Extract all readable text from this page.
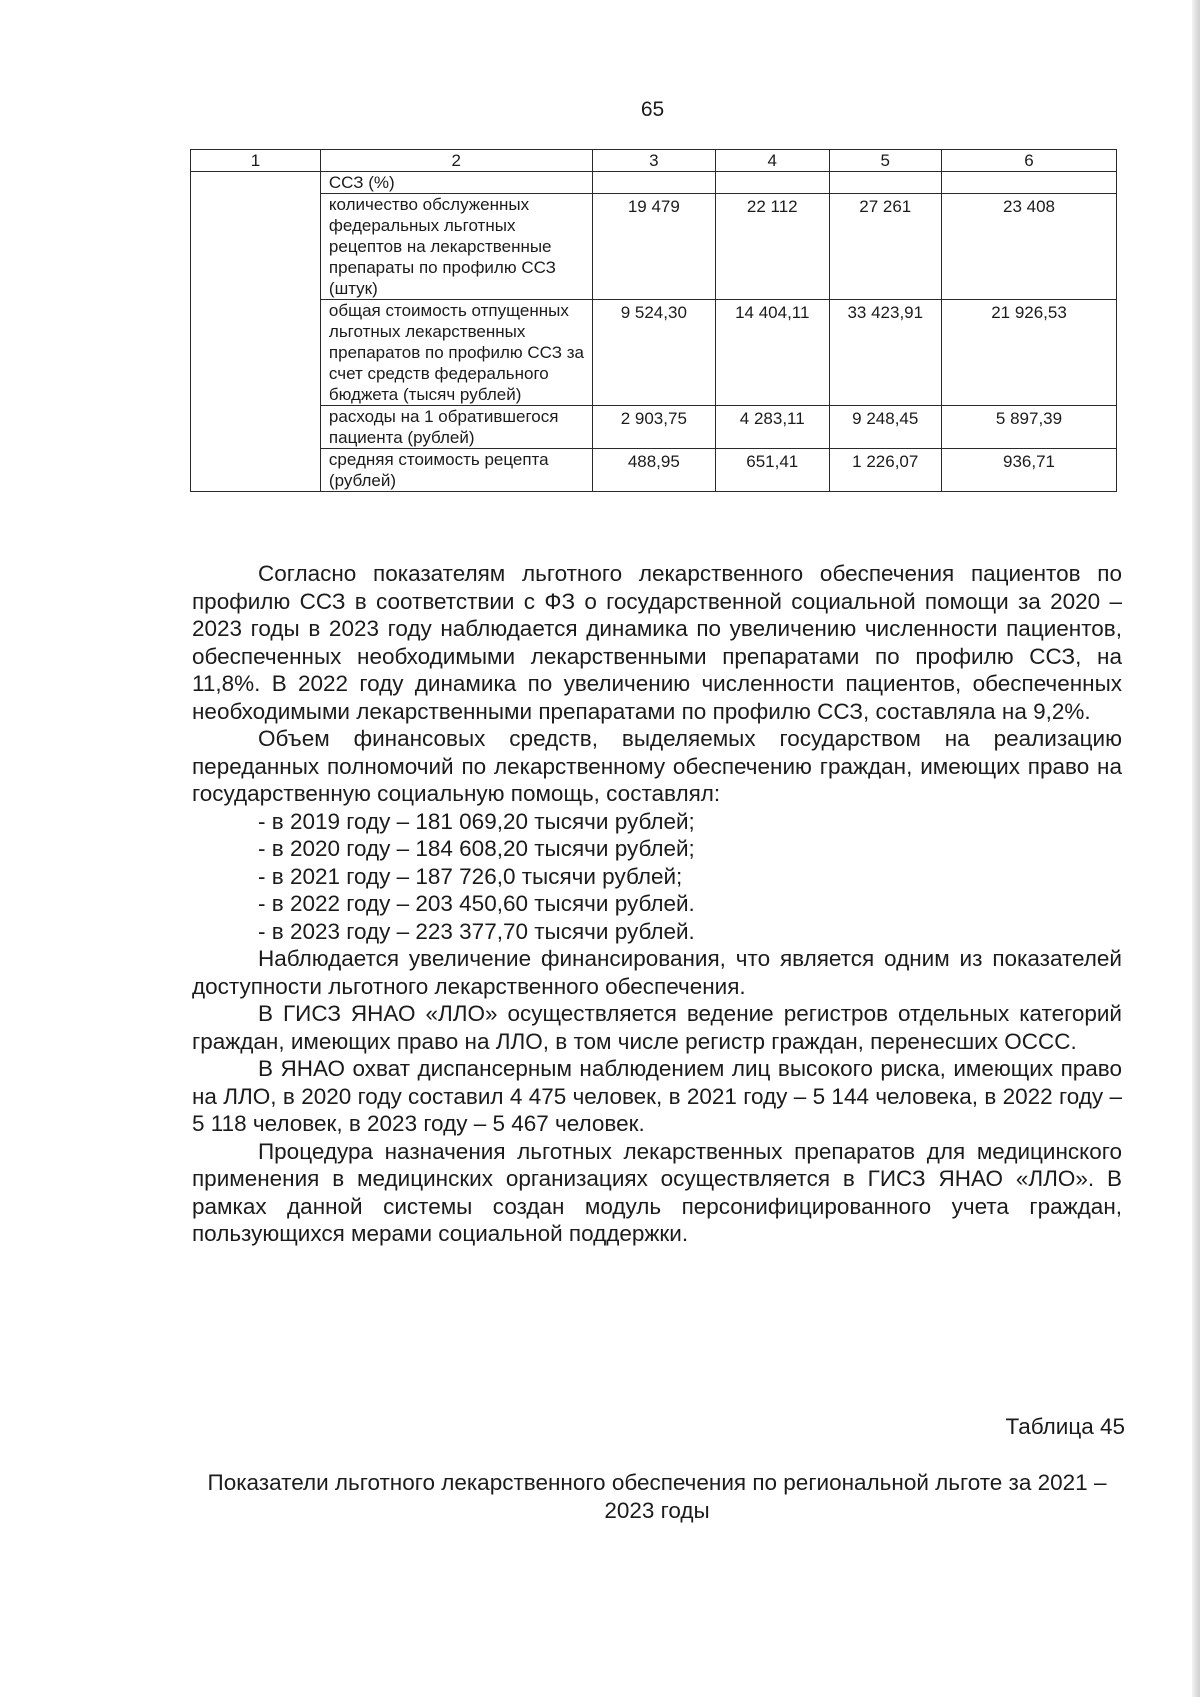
65
1	2	3	4	5	6
	ССЗ (%)				
	количество обслуженных федеральных льготных рецептов на лекарственные препараты по профилю ССЗ (штук)	19 479	22 112	27 261	23 408
	общая стоимость отпущенных льготных лекарственных препаратов по профилю ССЗ за счет средств федерального бюджета (тысяч рублей)	9 524,30	14 404,11	33 423,91	21 926,53
	расходы на 1 обратившегося пациента (рублей)	2 903,75	4 283,11	9 248,45	5 897,39
	средняя стоимость рецепта (рублей)	488,95	651,41	1 226,07	936,71

Согласно показателям льготного лекарственного обеспечения пациентов по профилю ССЗ в соответствии с ФЗ о государственной социальной помощи за 2020 – 2023 годы в 2023 году наблюдается динамика по увеличению численности пациентов, обеспеченных необходимыми лекарственными препаратами по профилю ССЗ, на 11,8%. В 2022 году динамика по увеличению численности пациентов, обеспеченных необходимыми лекарственными препаратами по профилю ССЗ, составляла на 9,2%.

Объем финансовых средств, выделяемых государством на реализацию переданных полномочий по лекарственному обеспечению граждан, имеющих право на государственную социальную помощь, составлял:

- в 2019 году – 181 069,20 тысячи рублей;

- в 2020 году – 184 608,20 тысячи рублей;

- в 2021 году – 187 726,0 тысячи рублей;

- в 2022 году – 203 450,60 тысячи рублей.

- в 2023 году – 223 377,70 тысячи рублей.

Наблюдается увеличение финансирования, что является одним из показателей доступности льготного лекарственного обеспечения.

В ГИСЗ ЯНАО «ЛЛО» осуществляется ведение регистров отдельных категорий граждан, имеющих право на ЛЛО, в том числе регистр граждан, перенесших ОССС.

В ЯНАО охват диспансерным наблюдением лиц высокого риска, имеющих право на ЛЛО, в 2020 году составил 4 475 человек, в 2021 году – 5 144 человека, в 2022 году – 5 118 человек, в 2023 году – 5 467 человек.

Процедура назначения льготных лекарственных препаратов для медицинского применения в медицинских организациях осуществляется в ГИСЗ ЯНАО «ЛЛО». В рамках данной системы создан модуль персонифицированного учета граждан, пользующихся мерами социальной поддержки.

Таблица 45
Показатели льготного лекарственного обеспечения по региональной льготе за 2021 – 2023 годы
